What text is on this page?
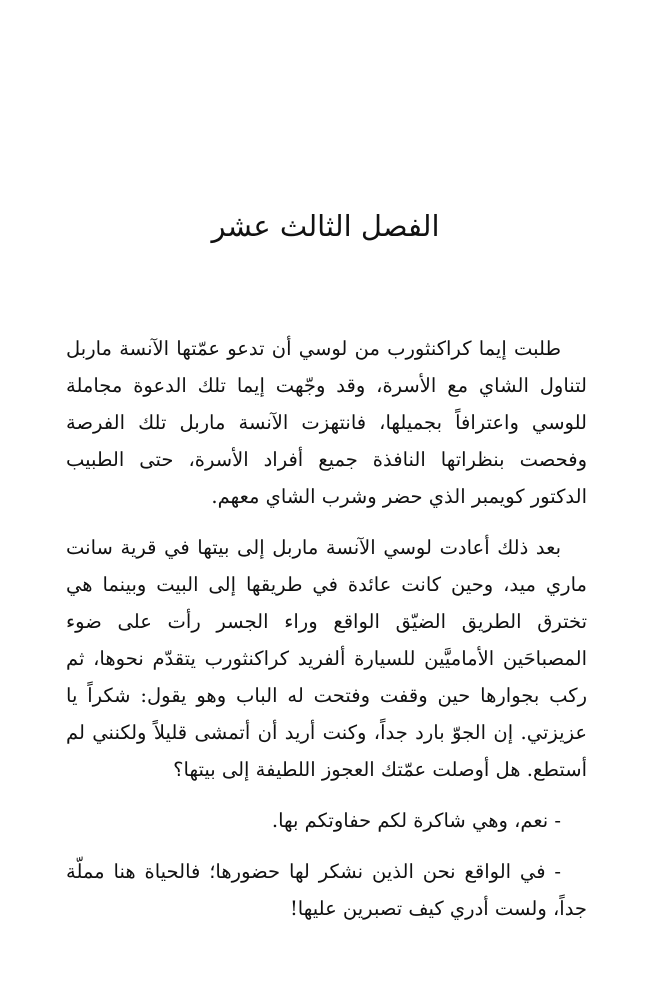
الفصل الثالث عشر

طلبت إيما كراكنثورب من لوسي أن تدعو عمّتها الآنسة ماربل لتناول الشاي مع الأسرة، وقد وجّهت إيما تلك الدعوة مجاملة للوسي واعترافاً بجميلها، فانتهزت الآنسة ماربل تلك الفرصة وفحصت بنظراتها النافذة جميع أفراد الأسرة، حتى الطبيب الدكتور كويمبر الذي حضر وشرب الشاي معهم.

بعد ذلك أعادت لوسي الآنسة ماربل إلى بيتها في قرية سانت ماري ميد، وحين كانت عائدة في طريقها إلى البيت وبينما هي تخترق الطريق الضيّق الواقع وراء الجسر رأت على ضوء المصباحَين الأماميَّين للسيارة ألفريد كراكنثورب يتقدّم نحوها، ثم ركب بجوارها حين وقفت وفتحت له الباب وهو يقول: شكراً يا عزيزتي. إن الجوّ بارد جداً، وكنت أريد أن أتمشى قليلاً ولكنني لم أستطع. هل أوصلت عمّتك العجوز اللطيفة إلى بيتها؟

- نعم، وهي شاكرة لكم حفاوتكم بها.

- في الواقع نحن الذين نشكر لها حضورها؛ فالحياة هنا مملّة جداً، ولست أدري كيف تصبرين عليها!
